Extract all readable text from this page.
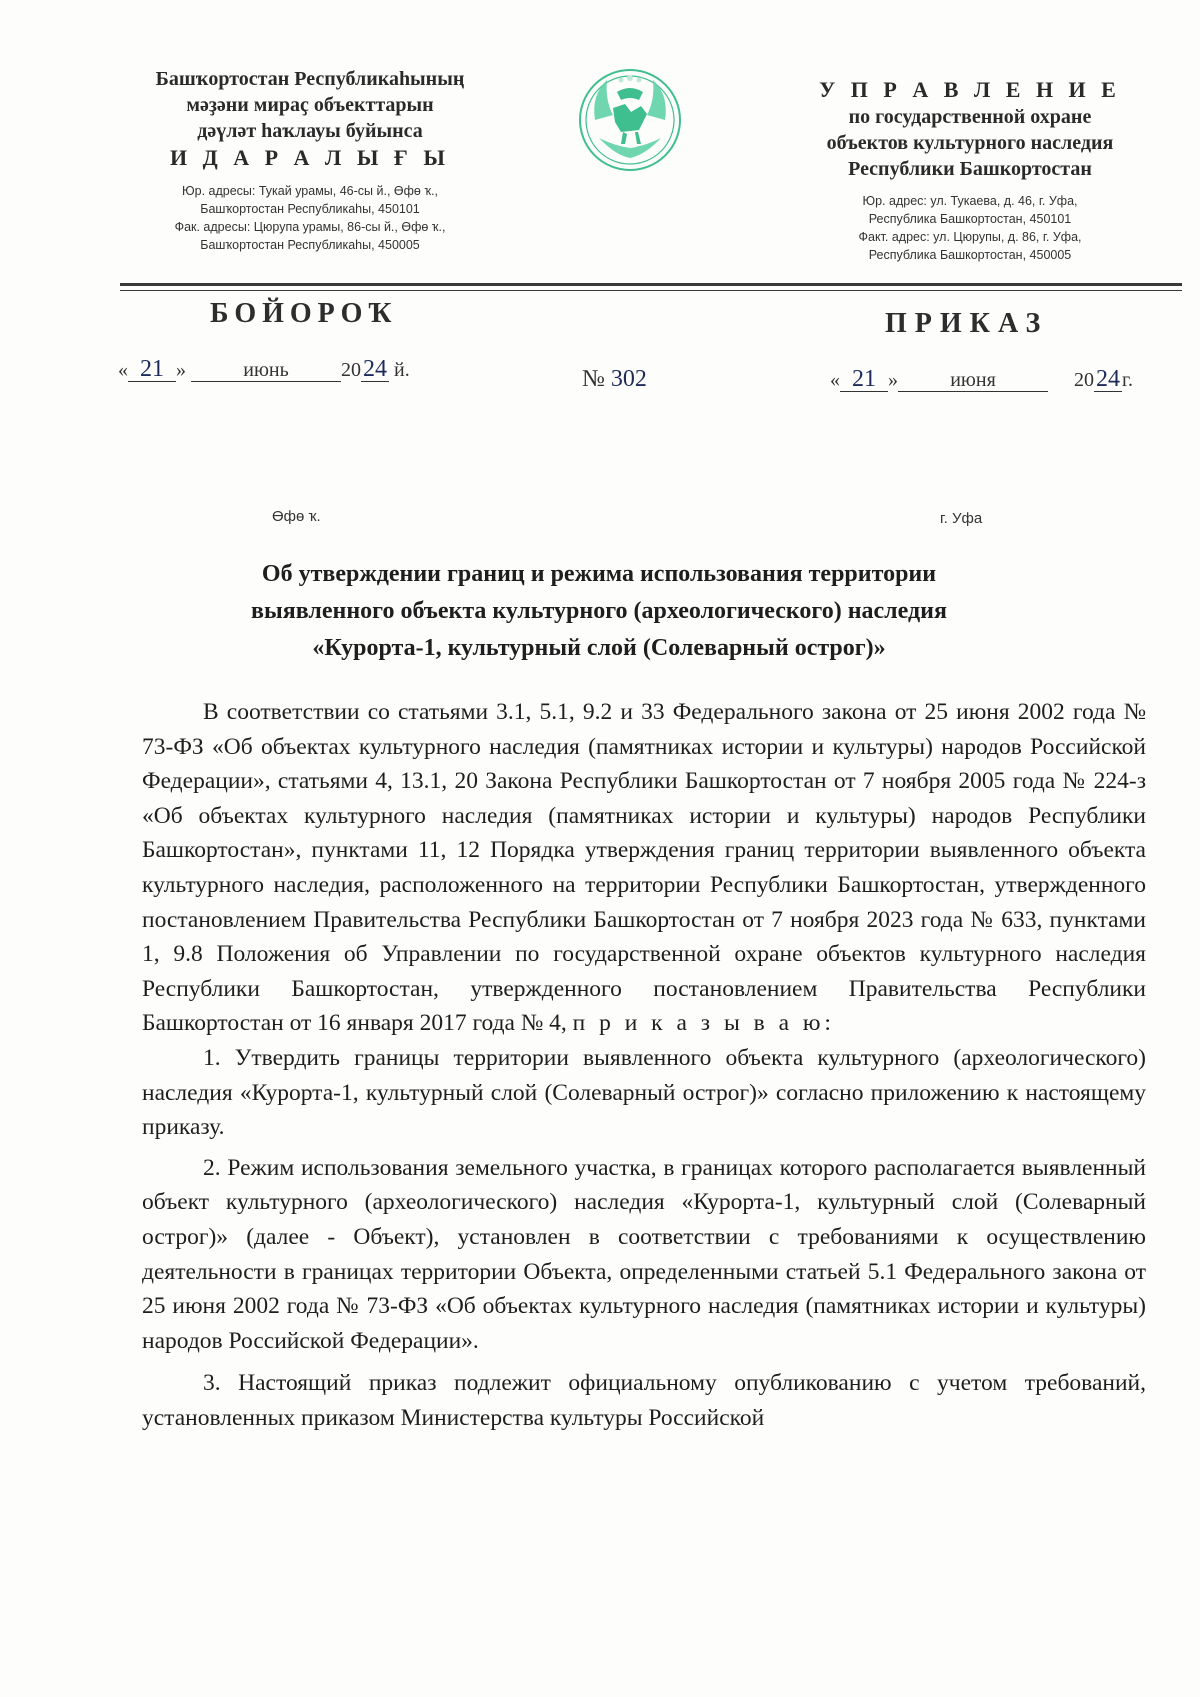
Башҡортостан Республикаһының
мәҙәни мираҫ объекттарын
дәүләт һаҡлауы буйынса
И Д А Р А Л Ы Ғ Ы
Юр. адресы: Тукай урамы, 46-сы й., Өфө ҡ.,
Башҡортостан Республикаһы, 450101
Фак. адресы: Цюрупа урамы, 86-сы й., Өфө ҡ.,
Башҡортостан Республикаһы, 450005
У П Р А В Л Е Н И Е
по государственной охране
объектов культурного наследия
Республики Башкортостан
Юр. адрес: ул. Тукаева, д. 46, г. Уфа,
Республика Башкортостан, 450101
Факт. адрес: ул. Цюрупы, д. 86, г. Уфа,
Республика Башкортостан, 450005
БОЙОРОҠ	ПРИКАЗ
« 21 »	июнь	2024 й.	№ 302	« 21 »	июня	2024 г.
Өфө ҡ.	г. Уфа
Об утверждении границ и режима использования территории
выявленного объекта культурного (археологического) наследия
«Курорта-1, культурный слой (Солеварный острог)»

В соответствии со статьями 3.1, 5.1, 9.2 и 33 Федерального закона от 25 июня 2002 года № 73-ФЗ «Об объектах культурного наследия (памятниках истории и культуры) народов Российской Федерации», статьями 4, 13.1, 20 Закона Республики Башкортостан от 7 ноября 2005 года № 224-з «Об объектах культурного наследия (памятниках истории и культуры) народов Республики Башкортостан», пунктами 11, 12 Порядка утверждения границ территории выявленного объекта культурного наследия, расположенного на территории Республики Башкортостан, утвержденного постановлением Правительства Республики Башкортостан от 7 ноября 2023 года № 633, пунктами 1, 9.8 Положения об Управлении по государственной охране объектов культурного наследия Республики Башкортостан, утвержденного постановлением Правительства Республики Башкортостан от 16 января 2017 года № 4, п р и к а з ы в а ю:

1. Утвердить границы территории выявленного объекта культурного (археологического) наследия «Курорта-1, культурный слой (Солеварный острог)» согласно приложению к настоящему приказу.

2. Режим использования земельного участка, в границах которого располагается выявленный объект культурного (археологического) наследия «Курорта-1, культурный слой (Солеварный острог)» (далее - Объект), установлен в соответствии с требованиями к осуществлению деятельности в границах территории Объекта, определенными статьей 5.1 Федерального закона от 25 июня 2002 года № 73-ФЗ «Об объектах культурного наследия (памятниках истории и культуры) народов Российской Федерации».

3. Настоящий приказ подлежит официальному опубликованию с учетом требований, установленных приказом Министерства культуры Российской
